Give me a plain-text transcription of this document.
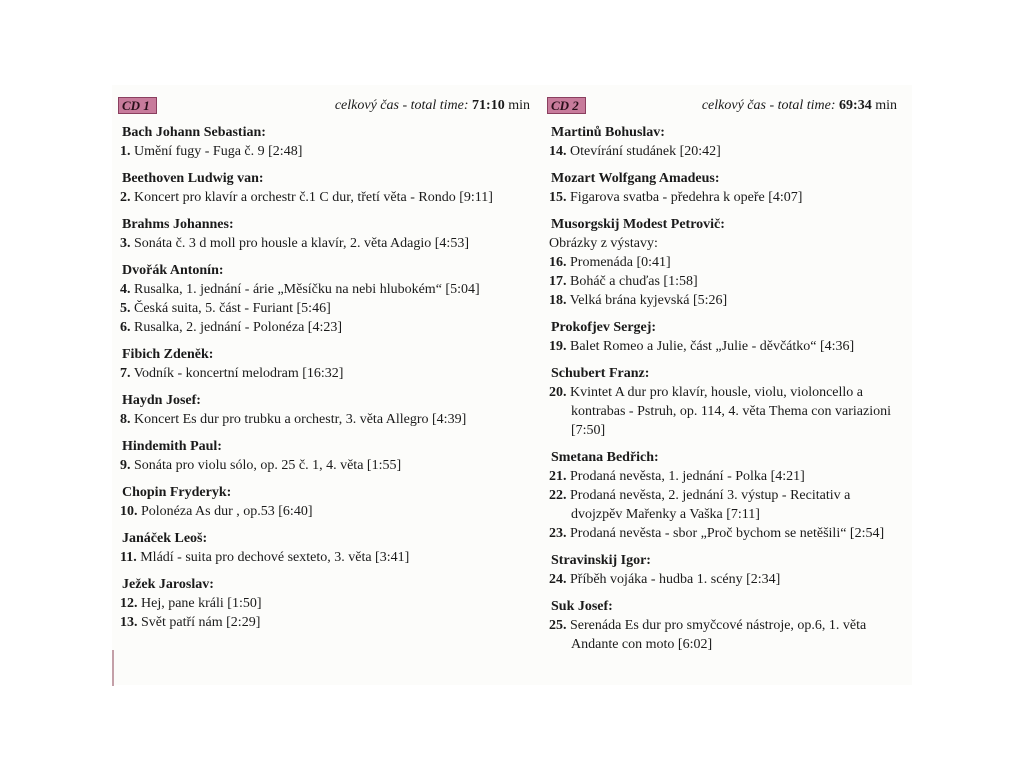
CD 1	celkový čas - total time: 71:10 min
Bach Johann Sebastian:
1. Umění fugy - Fuga č. 9 [2:48]
Beethoven Ludwig van:
2. Koncert pro klavír a orchestr č.1 C dur, třetí věta - Rondo [9:11]
Brahms Johannes:
3. Sonáta č. 3 d moll pro housle a klavír, 2. věta Adagio [4:53]
Dvořák Antonín:
4. Rusalka, 1. jednání - árie „Měsíčku na nebi hlubokém“ [5:04]
5. Česká suita, 5. část - Furiant [5:46]
6. Rusalka, 2. jednání - Polonéza [4:23]
Fibich Zdeněk:
7. Vodník - koncertní melodram [16:32]
Haydn Josef:
8. Koncert Es dur pro trubku a orchestr, 3. věta Allegro [4:39]
Hindemith Paul:
9. Sonáta pro violu sólo, op. 25 č. 1, 4. věta [1:55]
Chopin Fryderyk:
10. Polonéza As dur , op.53 [6:40]
Janáček Leoš:
11. Mládí - suita pro dechové sexteto, 3. věta [3:41]
Ježek Jaroslav:
12. Hej, pane králi [1:50]
13. Svět patří nám [2:29]
CD 2	celkový čas - total time: 69:34 min
Martinů Bohuslav:
14. Otevírání studánek [20:42]
Mozart Wolfgang Amadeus:
15. Figarova svatba - předehra k opeře [4:07]
Musorgskij Modest Petrovič:
Obrázky z výstavy:
16. Promenáda [0:41]
17. Boháč a chuďas [1:58]
18. Velká brána kyjevská [5:26]
Prokofjev Sergej:
19. Balet Romeo a Julie, část „Julie - děvčátko“ [4:36]
Schubert Franz:
20. Kvintet A dur pro klavír, housle, violu, violoncello a kontrabas - Pstruh, op. 114, 4. věta Thema con variazioni [7:50]
Smetana Bedřich:
21. Prodaná nevěsta, 1. jednání - Polka [4:21]
22. Prodaná nevěsta, 2. jednání 3. výstup - Recitativ a dvojzpěv Mařenky a Vaška [7:11]
23. Prodaná nevěsta - sbor „Proč bychom se netěšili“ [2:54]
Stravinskij Igor:
24. Příběh vojáka - hudba 1. scény [2:34]
Suk Josef:
25. Serenáda Es dur pro smyčcové nástroje, op.6, 1. věta Andante con moto [6:02]
